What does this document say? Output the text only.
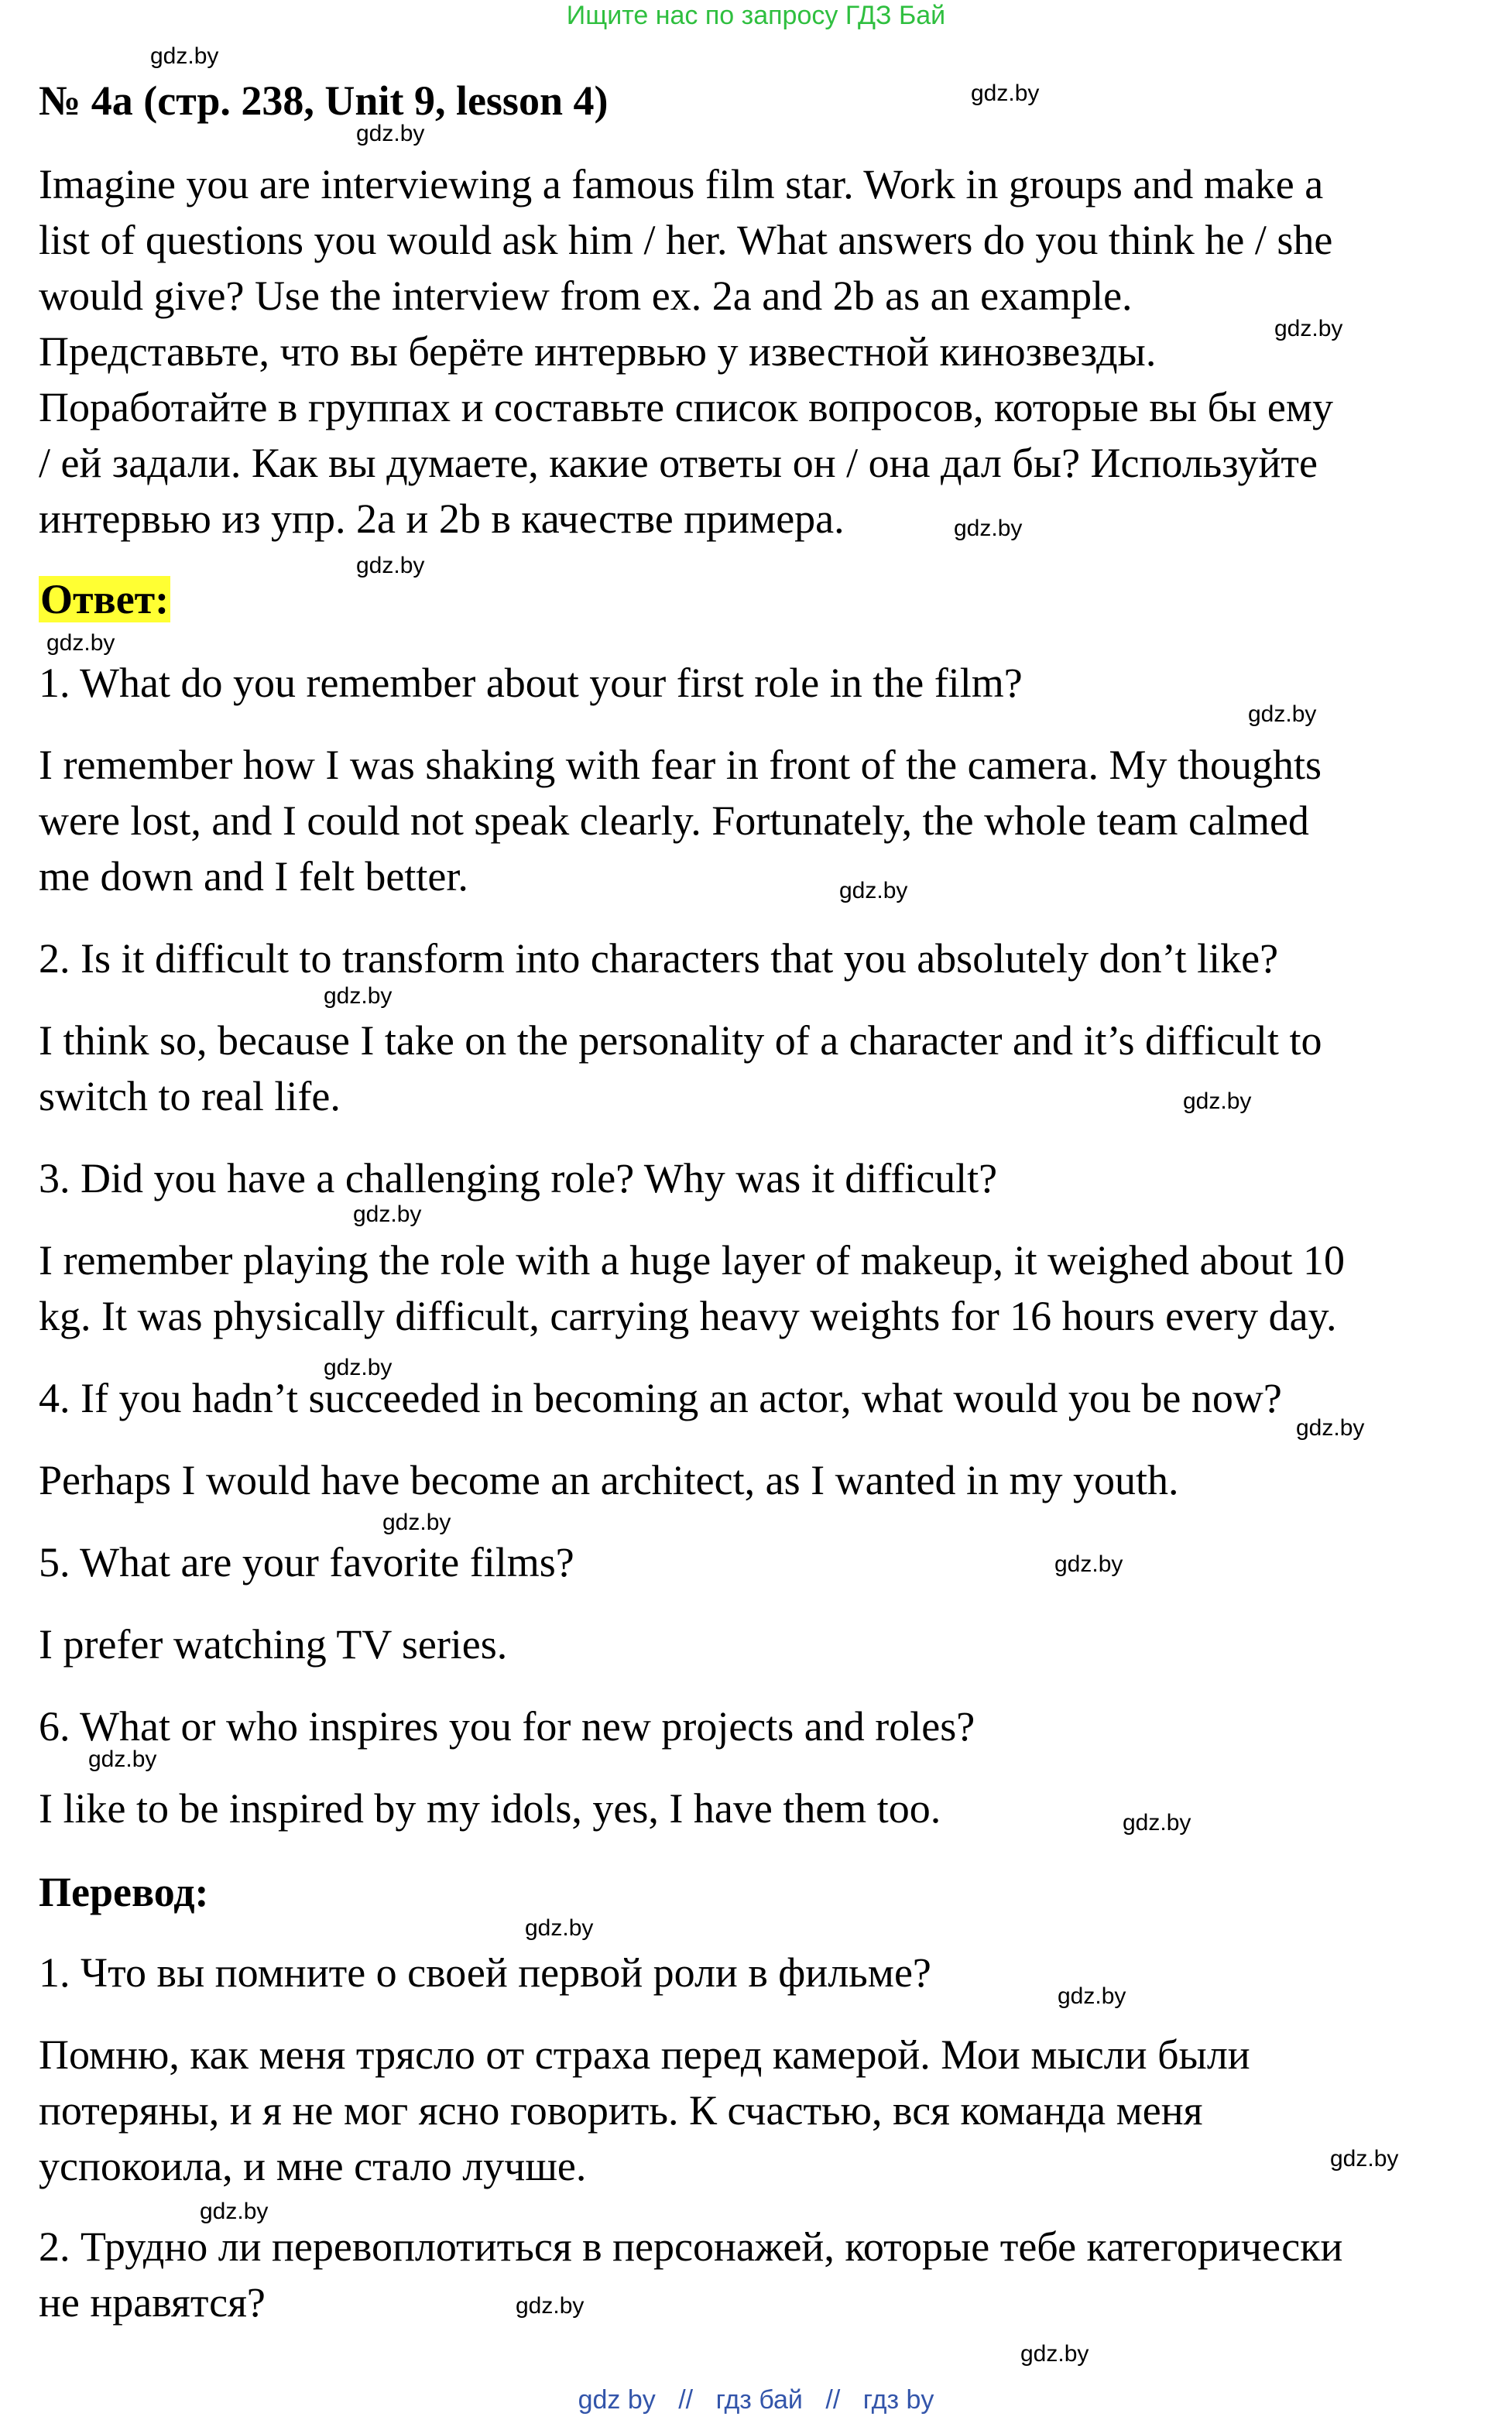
Ищите нас по запросу ГДЗ Бай
№ 4a (стр. 238, Unit 9, lesson 4)
Imagine you are interviewing a famous film star. Work in groups and make a
list of questions you would ask him / her. What answers do you think he / she
would give? Use the interview from ex. 2a and 2b as an example.
Представьте, что вы берёте интервью у известной кинозвезды.
Поработайте в группах и составьте список вопросов, которые вы бы ему
/ ей задали. Как вы думаете, какие ответы он / она дал бы? Используйте
интервью из упр. 2a и 2b в качестве примера.
Ответ:
1. What do you remember about your first role in the film?
I remember how I was shaking with fear in front of the camera. My thoughts
were lost, and I could not speak clearly. Fortunately, the whole team calmed
me down and I felt better.
2. Is it difficult to transform into characters that you absolutely don’t like?
I think so, because I take on the personality of a character and it’s difficult to
switch to real life.
3. Did you have a challenging role? Why was it difficult?
I remember playing the role with a huge layer of makeup, it weighed about 10
kg. It was physically difficult, carrying heavy weights for 16 hours every day.
4. If you hadn’t succeeded in becoming an actor, what would you be now?
Perhaps I would have become an architect, as I wanted in my youth.
5. What are your favorite films?
I prefer watching TV series.
6. What or who inspires you for new projects and roles?
I like to be inspired by my idols, yes, I have them too.
Перевод:
1. Что вы помните о своей первой роли в фильме?
Помню, как меня трясло от страха перед камерой. Мои мысли были
потеряны, и я не мог ясно говорить. К счастью, вся команда меня
успокоила, и мне стало лучше.
2. Трудно ли перевоплотиться в персонажей, которые тебе категорически
не нравятся?
gdz.by
gdz.by
gdz.by
gdz.by
gdz.by
gdz.by
gdz.by
gdz.by
gdz.by
gdz.by
gdz.by
gdz.by
gdz.by
gdz.by
gdz.by
gdz.by
gdz.by
gdz.by
gdz.by
gdz.by
gdz.by
gdz.by
gdz.by
gdz.by
gdz by // гдз бай // гдз by
